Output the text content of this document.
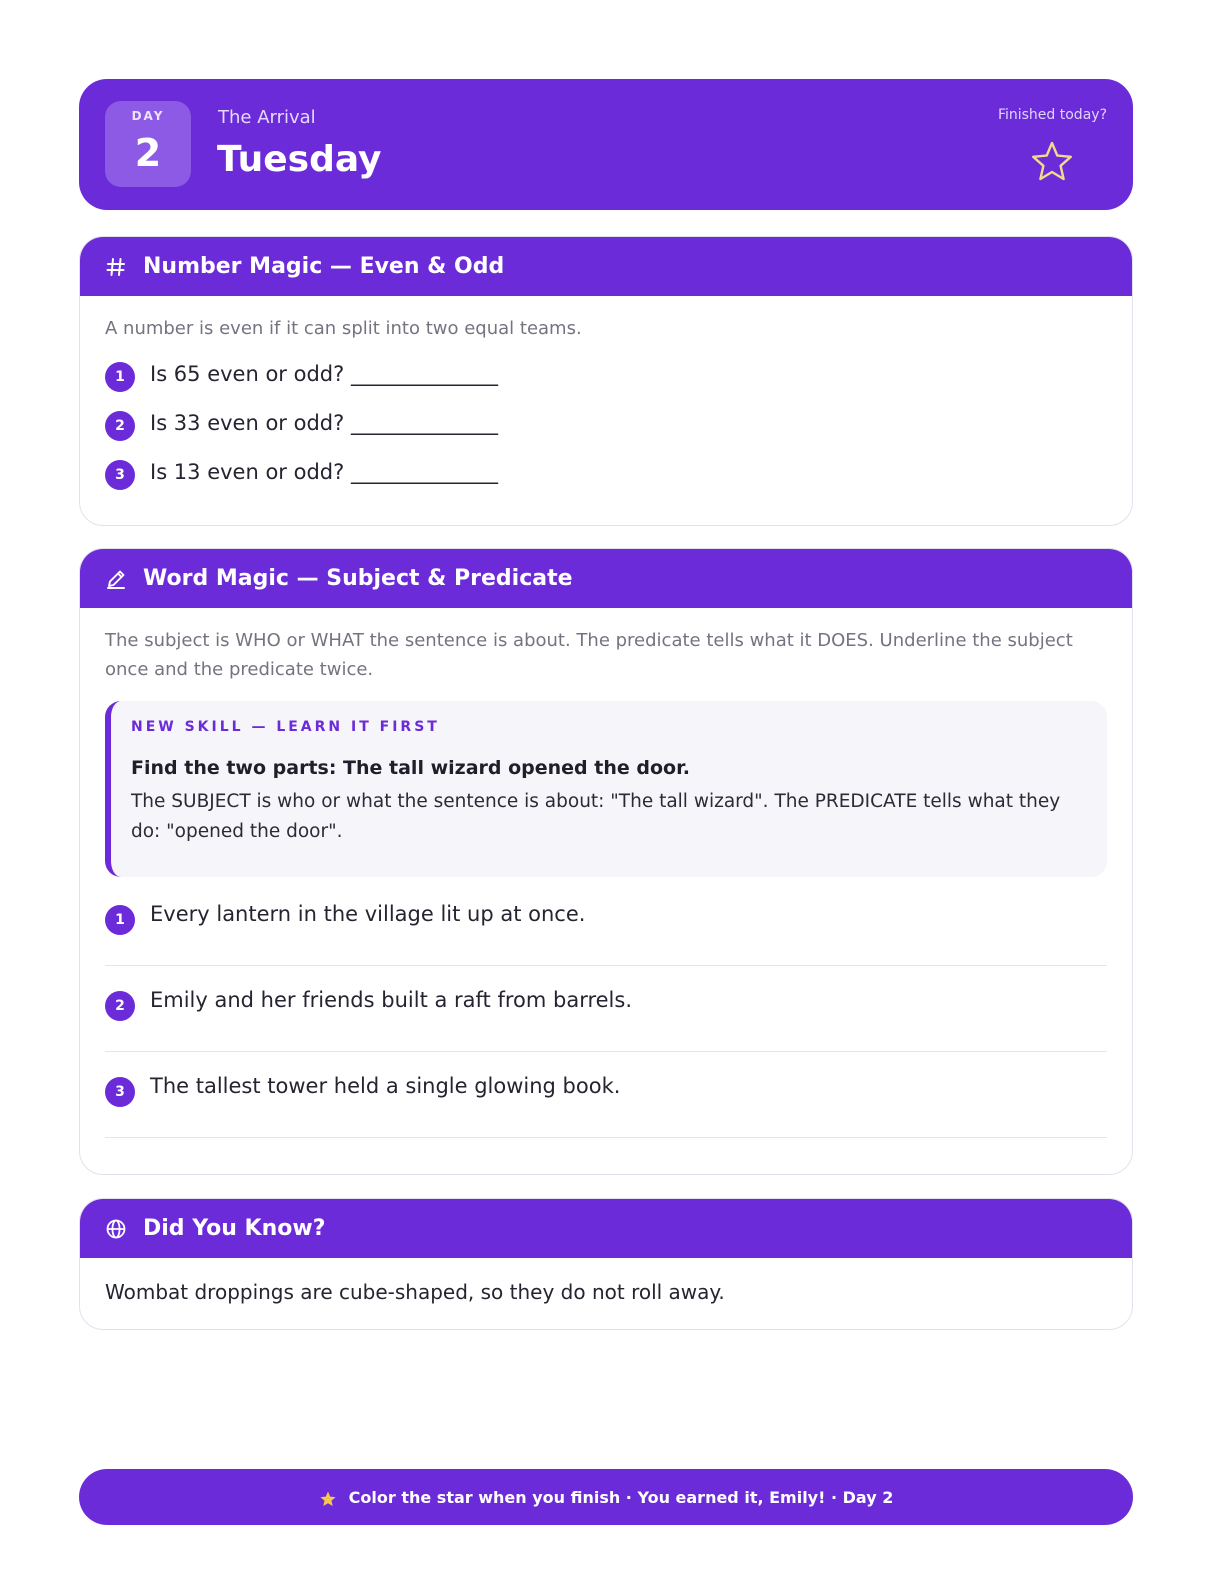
DAY
2
The Arrival
Tuesday
Finished today?
Number Magic — Even & Odd
A number is even if it can split into two equal teams.
1	Is 65 even or odd? ______________
2	Is 33 even or odd? ______________
3	Is 13 even or odd? ______________
Word Magic — Subject & Predicate
The subject is WHO or WHAT the sentence is about. The predicate tells what it DOES. Underline the subject once and the predicate twice.
NEW SKILL — LEARN IT FIRST
Find the two parts: The tall wizard opened the door.
The SUBJECT is who or what the sentence is about: "The tall wizard". The PREDICATE tells what they do: "opened the door".
1	Every lantern in the village lit up at once.
2	Emily and her friends built a raft from barrels.
3	The tallest tower held a single glowing book.
Did You Know?
Wombat droppings are cube-shaped, so they do not roll away.
Color the star when you finish · You earned it, Emily! · Day 2
